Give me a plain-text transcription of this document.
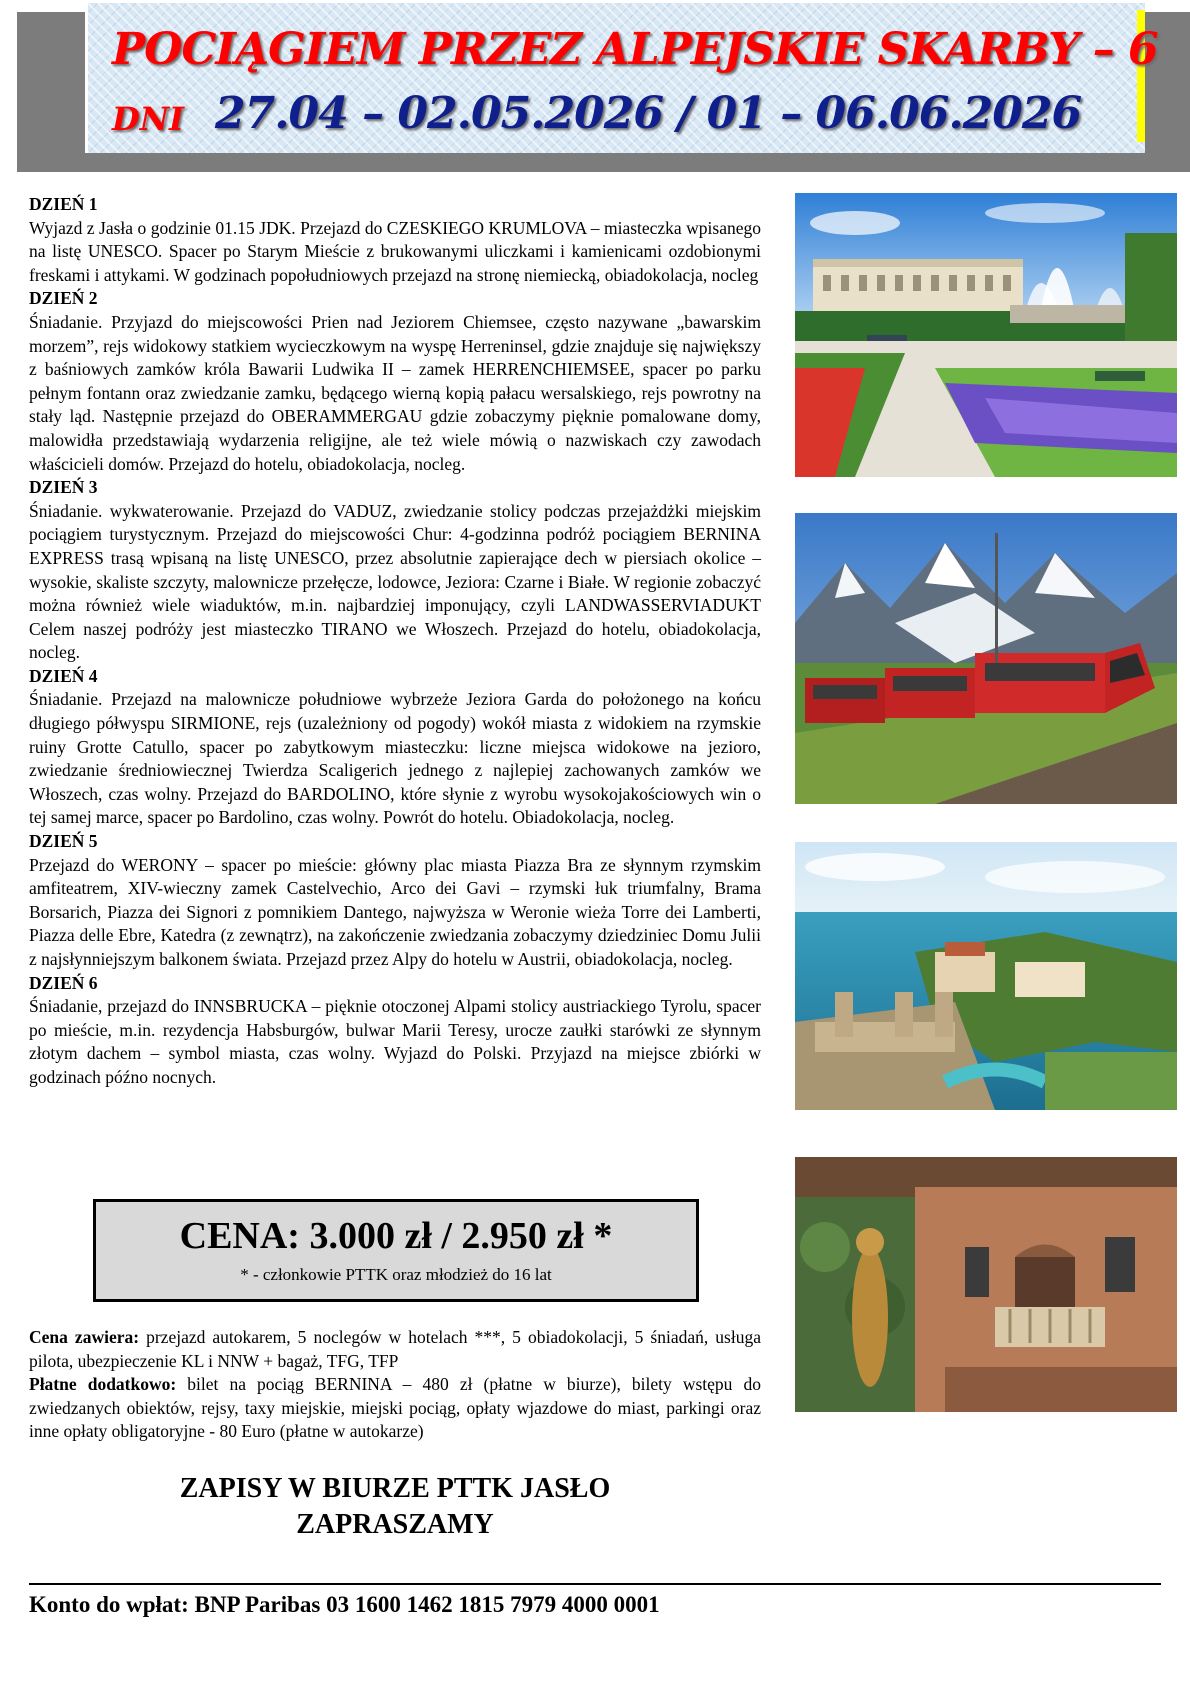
POCIĄGIEM PRZEZ ALPEJSKIE SKARBY – 6
DNI 27.04 – 02.05.2026 / 01 – 06.06.2026

DZIEŃ 1
Wyjazd z Jasła o godzinie 01.15 JDK. Przejazd do CZESKIEGO KRUMLOVA – miasteczka wpisanego na listę UNESCO. Spacer po Starym Mieście z brukowanymi uliczkami i kamienicami ozdobionymi freskami i attykami. W godzinach popołudniowych przejazd na stronę niemiecką, obiadokolacja, nocleg

DZIEŃ 2
Śniadanie. Przyjazd do miejscowości Prien nad Jeziorem Chiemsee, często nazywane „bawarskim morzem”, rejs widokowy statkiem wycieczkowym na wyspę Herreninsel, gdzie znajduje się największy z baśniowych zamków króla Bawarii Ludwika II – zamek HERRENCHIEMSEE, spacer po parku pełnym fontann oraz zwiedzanie zamku, będącego wierną kopią pałacu wersalskiego, rejs powrotny na stały ląd. Następnie przejazd do OBERAMMERGAU gdzie zobaczymy pięknie pomalowane domy, malowidła przedstawiają wydarzenia religijne, ale też wiele mówią o nazwiskach czy zawodach właścicieli domów. Przejazd do hotelu, obiadokolacja, nocleg.

DZIEŃ 3
Śniadanie. wykwaterowanie. Przejazd do VADUZ, zwiedzanie stolicy podczas przejażdżki miejskim pociągiem turystycznym. Przejazd do miejscowości Chur: 4-godzinna podróż pociągiem BERNINA EXPRESS trasą wpisaną na listę UNESCO, przez absolutnie zapierające dech w piersiach okolice – wysokie, skaliste szczyty, malownicze przełęcze, lodowce, Jeziora: Czarne i Białe. W regionie zobaczyć można również wiele wiaduktów, m.in. najbardziej imponujący, czyli LANDWASSERVIADUKT Celem naszej podróży jest miasteczko TIRANO we Włoszech. Przejazd do hotelu, obiadokolacja, nocleg.

DZIEŃ 4
Śniadanie. Przejazd na malownicze południowe wybrzeże Jeziora Garda do położonego na końcu długiego półwyspu SIRMIONE, rejs (uzależniony od pogody) wokół miasta z widokiem na rzymskie ruiny Grotte Catullo, spacer po zabytkowym miasteczku: liczne miejsca widokowe na jezioro, zwiedzanie średniowiecznej Twierdza Scaligerich jednego z najlepiej zachowanych zamków we Włoszech, czas wolny. Przejazd do BARDOLINO, które słynie z wyrobu wysokojakościowych win o tej samej marce, spacer po Bardolino, czas wolny. Powrót do hotelu. Obiadokolacja, nocleg.

DZIEŃ 5
Przejazd do WERONY – spacer po mieście: główny plac miasta Piazza Bra ze słynnym rzymskim amfiteatrem, XIV-wieczny zamek Castelvechio, Arco dei Gavi – rzymski łuk triumfalny, Brama Borsarich, Piazza dei Signori z pomnikiem Dantego, najwyższa w Weronie wieża Torre dei Lamberti, Piazza delle Ebre, Katedra (z zewnątrz), na zakończenie zwiedzania zobaczymy dziedziniec Domu Julii z najsłynniejszym balkonem świata. Przejazd przez Alpy do hotelu w Austrii, obiadokolacja, nocleg.

DZIEŃ 6
Śniadanie, przejazd do INNSBRUCKA – pięknie otoczonej Alpami stolicy austriackiego Tyrolu, spacer po mieście, m.in. rezydencja Habsburgów, bulwar Marii Teresy, urocze zaułki starówki ze słynnym złotym dachem – symbol miasta, czas wolny. Wyjazd do Polski. Przyjazd na miejsce zbiórki w godzinach późno nocnych.

CENA: 3.000 zł / 2.950 zł *
* - członkowie PTTK oraz młodzież do 16 lat

Cena zawiera: przejazd autokarem, 5 noclegów w hotelach ***, 5 obiadokolacji, 5 śniadań, usługa pilota, ubezpieczenie KL i NNW + bagaż, TFG, TFP

Płatne dodatkowo: bilet na pociąg BERNINA – 480 zł (płatne w biurze), bilety wstępu do zwiedzanych obiektów, rejsy, taxy miejskie, miejski pociąg, opłaty wjazdowe do miast, parkingi oraz inne opłaty obligatoryjne - 80 Euro (płatne w autokarze)

ZAPISY W BIURZE PTTK JASŁO
ZAPRASZAMY
Konto do wpłat: BNP Paribas 03 1600 1462 1815 7979 4000 0001
